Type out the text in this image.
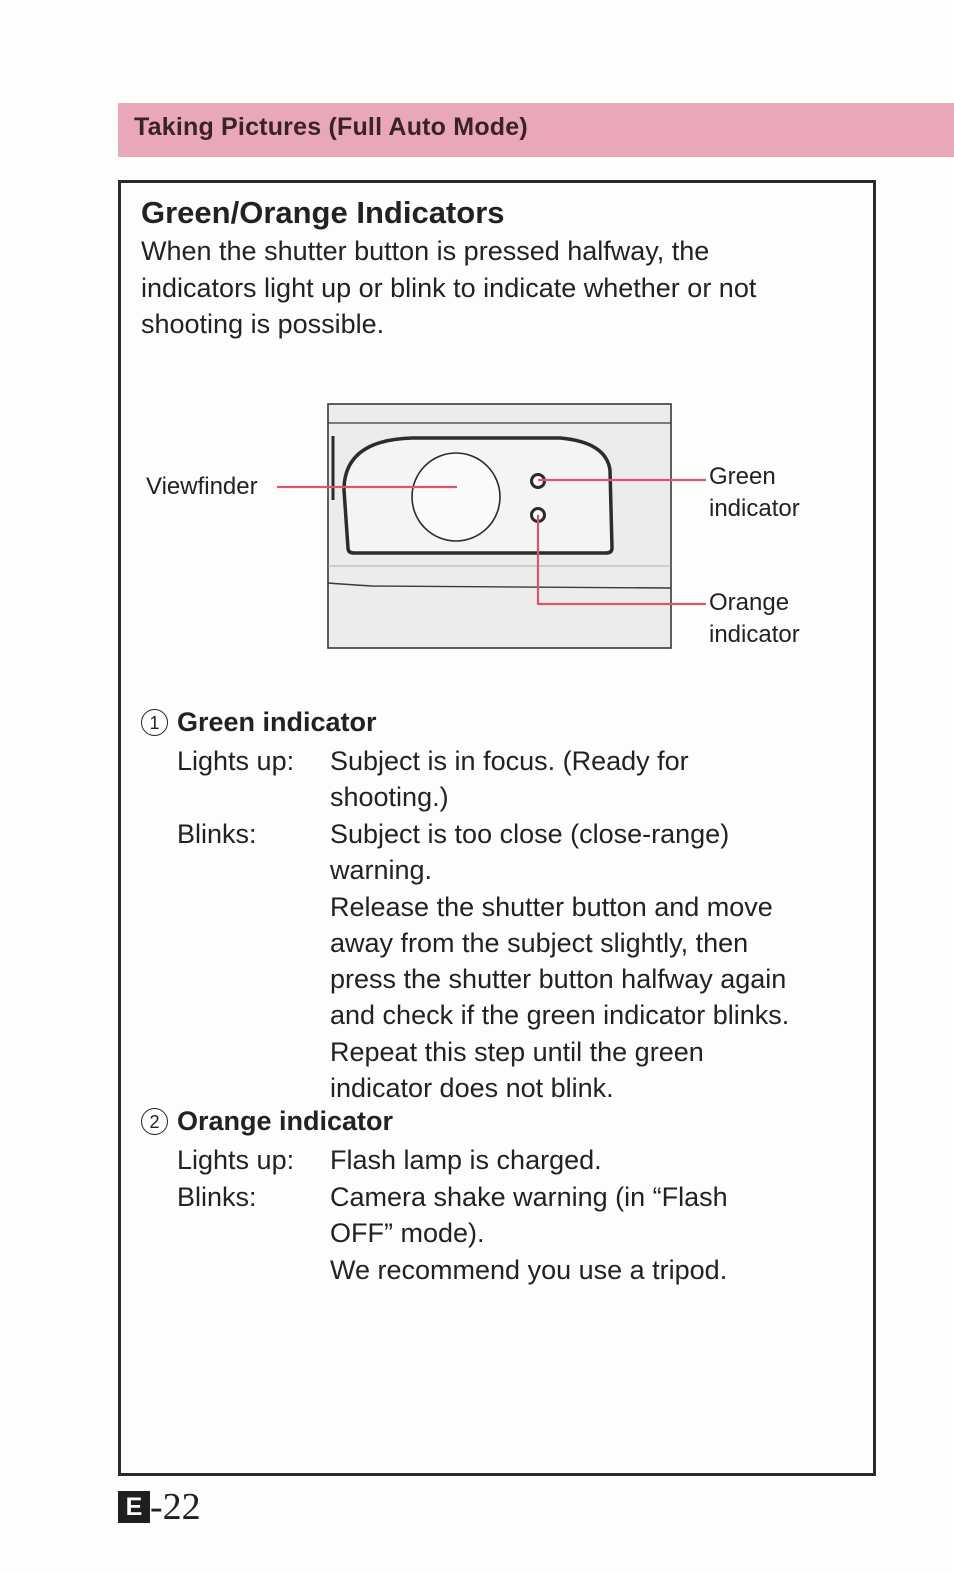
Taking Pictures (Full Auto Mode)
Viewfinder	Green
indicator
Orange
indicator
Green/Orange Indicators
When the shutter button is pressed halfway, the
indicators light up or blink to indicate whether or not
shooting is possible.
1 Green indicator
Lights up: Subject is in focus. (Ready for
shooting.)
Blinks:	Subject is too close (close-range)
warning.
Release the shutter button and move
away from the subject slightly, then
press the shutter button halfway again
and check if the green indicator blinks.
Repeat this step until the green
indicator does not blink.
2 Orange indicator
Lights up: Flash lamp is charged.
Blinks:	Camera shake warning (in “Flash
OFF” mode).
We recommend you use a tripod.
E -22
